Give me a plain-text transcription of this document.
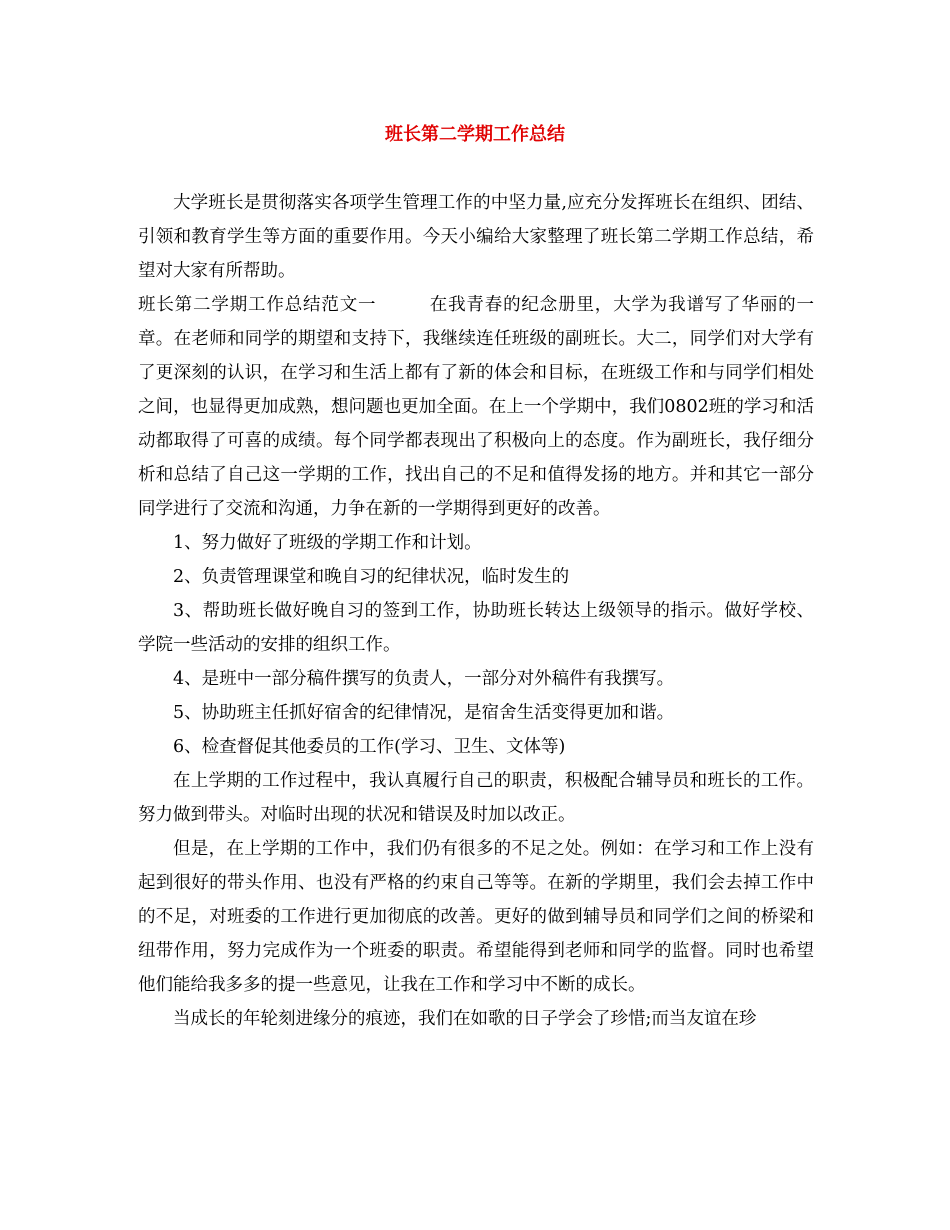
班长第二学期工作总结

大学班长是贯彻落实各项学生管理工作的中坚力量,应充分发挥班长在组织、团结、引领和教育学生等方面的重要作用。今天小编给大家整理了班长第二学期工作总结，希望对大家有所帮助。

班长第二学期工作总结范文一	在我青春的纪念册里，大学为我谱写了华丽的一章。在老师和同学的期望和支持下，我继续连任班级的副班长。大二，同学们对大学有了更深刻的认识，在学习和生活上都有了新的体会和目标，在班级工作和与同学们相处之间，也显得更加成熟，想问题也更加全面。在上一个学期中，我们0802班的学习和活动都取得了可喜的成绩。每个同学都表现出了积极向上的态度。作为副班长，我仔细分析和总结了自己这一学期的工作，找出自己的不足和值得发扬的地方。并和其它一部分同学进行了交流和沟通，力争在新的一学期得到更好的改善。

1、努力做好了班级的学期工作和计划。

2、负责管理课堂和晚自习的纪律状况，临时发生的

3、帮助班长做好晚自习的签到工作，协助班长转达上级领导的指示。做好学校、学院一些活动的安排的组织工作。

4、是班中一部分稿件撰写的负责人，一部分对外稿件有我撰写。

5、协助班主任抓好宿舍的纪律情况，是宿舍生活变得更加和谐。

6、检查督促其他委员的工作(学习、卫生、文体等)

在上学期的工作过程中，我认真履行自己的职责，积极配合辅导员和班长的工作。努力做到带头。对临时出现的状况和错误及时加以改正。

但是，在上学期的工作中，我们仍有很多的不足之处。例如：在学习和工作上没有起到很好的带头作用、也没有严格的约束自己等等。在新的学期里，我们会去掉工作中的不足，对班委的工作进行更加彻底的改善。更好的做到辅导员和同学们之间的桥梁和纽带作用，努力完成作为一个班委的职责。希望能得到老师和同学的监督。同时也希望他们能给我多多的提一些意见，让我在工作和学习中不断的成长。

当成长的年轮刻进缘分的痕迹，我们在如歌的日子学会了珍惜;而当友谊在珍
